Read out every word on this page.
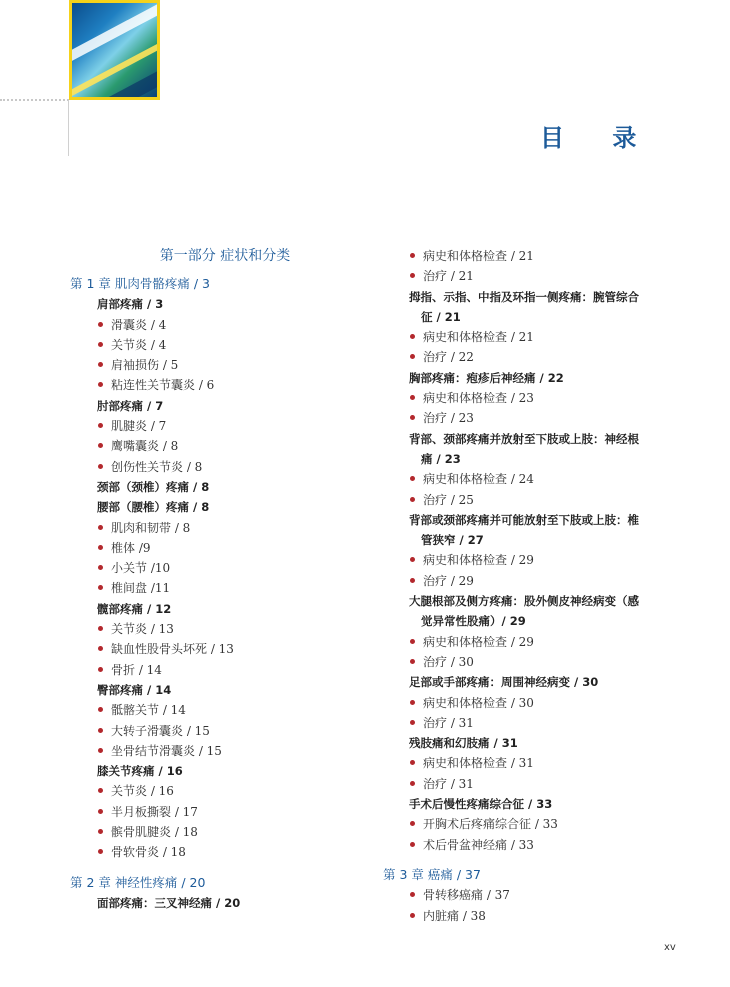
目 录
第一部分 症状和分类
第 1 章 肌肉骨骼疼痛 / 3
肩部疼痛 / 3
滑囊炎 / 4
关节炎 / 4
肩袖损伤 / 5
粘连性关节囊炎 / 6
肘部疼痛 / 7
肌腱炎 / 7
鹰嘴囊炎 / 8
创伤性关节炎 / 8
颈部（颈椎）疼痛 / 8
腰部（腰椎）疼痛 / 8
肌肉和韧带 / 8
椎体 /9
小关节 /10
椎间盘 /11
髋部疼痛 / 12
关节炎 / 13
缺血性股骨头坏死 / 13
骨折 / 14
臀部疼痛 / 14
骶髂关节 / 14
大转子滑囊炎 / 15
坐骨结节滑囊炎 / 15
膝关节疼痛 / 16
关节炎 / 16
半月板撕裂 / 17
髌骨肌腱炎 / 18
骨软骨炎 / 18
第 2 章 神经性疼痛 / 20
面部疼痛：三叉神经痛 / 20
病史和体格检查 / 21
治疗 / 21
拇指、示指、中指及环指一侧疼痛：腕管综合
征 / 21
病史和体格检查 / 21
治疗 / 22
胸部疼痛：疱疹后神经痛 / 22
病史和体格检查 / 23
治疗 / 23
背部、颈部疼痛并放射至下肢或上肢：神经根
痛 / 23
病史和体格检查 / 24
治疗 / 25
背部或颈部疼痛并可能放射至下肢或上肢：椎
管狭窄 / 27
病史和体格检查 / 29
治疗 / 29
大腿根部及侧方疼痛：股外侧皮神经病变（感
觉异常性股痛）/ 29
病史和体格检查 / 29
治疗 / 30
足部或手部疼痛：周围神经病变 / 30
病史和体格检查 / 30
治疗 / 31
残肢痛和幻肢痛 / 31
病史和体格检查 / 31
治疗 / 31
手术后慢性疼痛综合征 / 33
开胸术后疼痛综合征 / 33
术后骨盆神经痛 / 33
第 3 章 癌痛 / 37
骨转移癌痛 / 37
内脏痛 / 38
xv
